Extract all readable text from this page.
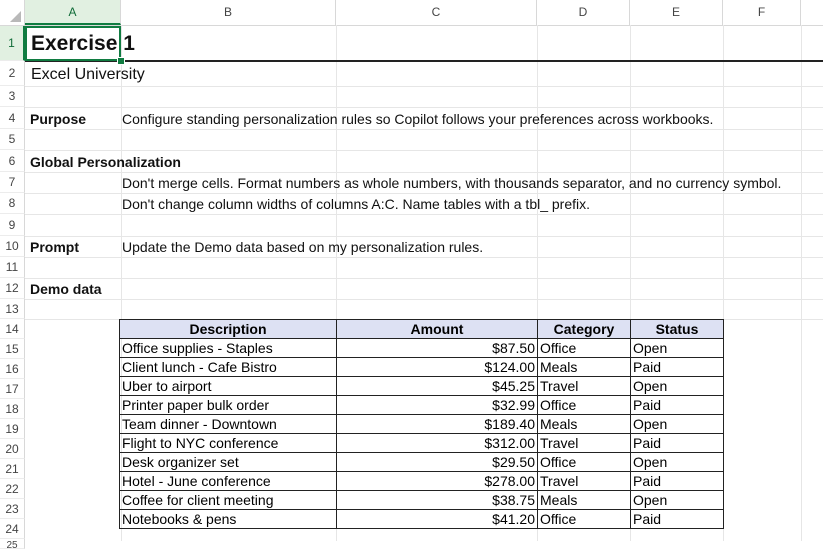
A	B	C	D	E	F
1
2
3
4
5
6
7
8
9
10
11
12
13
14
15
16
17
18
19
20
21
22
23
24
25
Exercise 1
Excel University
Purpose	Configure standing personalization rules so Copilot follows your preferences across workbooks.
Global Personalization
Don't merge cells. Format numbers as whole numbers, with thousands separator, and no currency symbol.
Don't change column widths of columns A:C. Name tables with a tbl_ prefix.
Prompt	Update the Demo data based on my personalization rules.
Demo data
Description	Amount	Category	Status
Office supplies - Staples	$87.50	Office	Open
Client lunch - Cafe Bistro	$124.00	Meals	Paid
Uber to airport	$45.25	Travel	Open
Printer paper bulk order	$32.99	Office	Paid
Team dinner - Downtown	$189.40	Meals	Open
Flight to NYC conference	$312.00	Travel	Paid
Desk organizer set	$29.50	Office	Open
Hotel - June conference	$278.00	Travel	Paid
Coffee for client meeting	$38.75	Meals	Open
Notebooks & pens	$41.20	Office	Paid
